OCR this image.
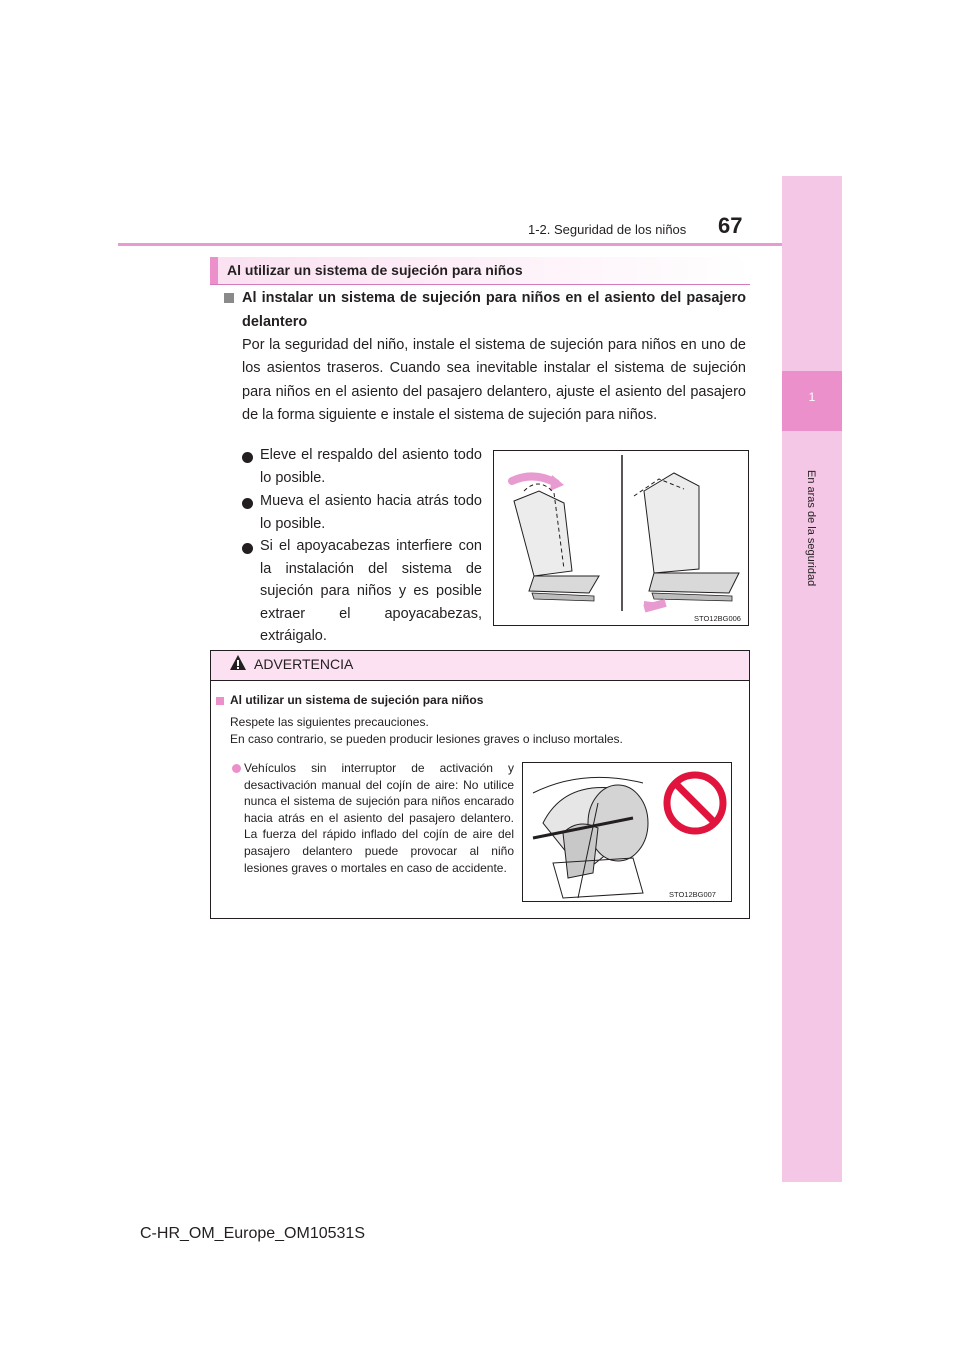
1-2. Seguridad de los niños 67
1
En aras de la seguridad
Al utilizar un sistema de sujeción para niños
Al instalar un sistema de sujeción para niños en el asiento del pasajero delantero
Por la seguridad del niño, instale el sistema de sujeción para niños en uno de los asientos traseros. Cuando sea inevitable instalar el sistema de sujeción para niños en el asiento del pasajero delantero, ajuste el asiento del pasajero de la forma siguiente e instale el sistema de sujeción para niños.
Eleve el respaldo del asiento todo lo posible.
Mueva el asiento hacia atrás todo lo posible.
Si el apoyacabezas interfiere con la instalación del sistema de sujeción para niños y es posible extraer el apoyacabezas, extráigalo.
STO12BG006
ADVERTENCIA
Al utilizar un sistema de sujeción para niños
Respete las siguientes precauciones.
En caso contrario, se pueden producir lesiones graves o incluso mortales.
Vehículos sin interruptor de activación y desactivación manual del cojín de aire: No utilice nunca el sistema de sujeción para niños encarado hacia atrás en el asiento del pasajero delantero. La fuerza del rápido inflado del cojín de aire del pasajero delantero puede provocar al niño lesiones graves o mortales en caso de accidente.
STO12BG007
C-HR_OM_Europe_OM10531S
